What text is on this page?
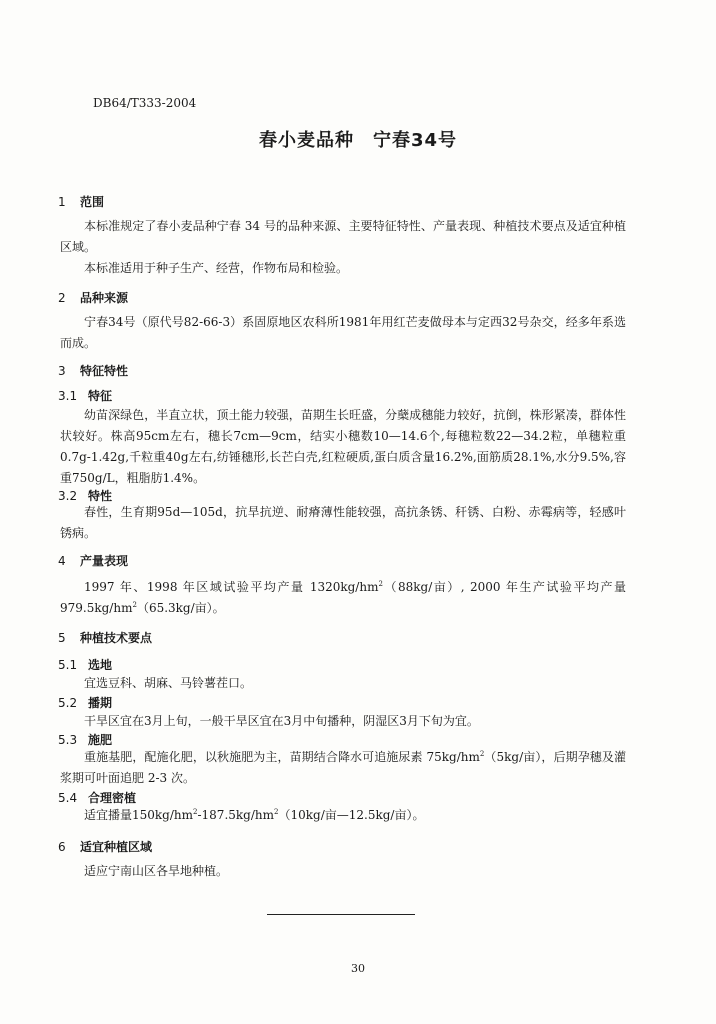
DB64/T333-2004
春小麦品种　宁春34号
1 范围

本标准规定了春小麦品种宁春 34 号的品种来源、主要特征特性、产量表现、种植技术要点及适宜种植区域。

本标准适用于种子生产、经营，作物布局和检验。

2 品种来源

宁春34号（原代号82-66-3）系固原地区农科所1981年用红芒麦做母本与定西32号杂交，经多年系选而成。

3 特征特性
3.1 特征

幼苗深绿色，半直立状，顶土能力较强，苗期生长旺盛，分蘖成穗能力较好，抗倒，株形紧凑，群体性状较好。株高95cm左右，穗长7cm—9cm，结实小穗数10—14.6个,每穗粒数22—34.2粒，单穗粒重0.7g-1.42g,千粒重40g左右,纺锤穗形,长芒白壳,红粒硬质,蛋白质含量16.2%,面筋质28.1%,水分9.5%,容重750g/L，粗脂肪1.4%。

3.2 特性

春性，生育期95d—105d，抗旱抗逆、耐瘠薄性能较强，高抗条锈、秆锈、白粉、赤霉病等，轻感叶锈病。

4 产量表现

1997 年、1998 年区域试验平均产量 $1320kg/hm^2(88kg/$亩）, 2000 年生产试验平均产量 $979.5kg/hm^2(65.3kg/$亩）。

5 种植技术要点
5.1 选地

宜选豆科、胡麻、马铃薯茬口。

5.2 播期

干旱区宜在3月上旬，一般干旱区宜在3月中旬播种，阴湿区3月下旬为宜。

5.3 施肥

重施基肥，配施化肥，以秋施肥为主，苗期结合降水可追施尿素 $75kg/hm^2(5kg/$亩），后期孕穗及灌浆期可叶面追肥 2-3 次。

5.4 合理密植

适宜播量$150kg/hm^2-187.5kg/hm^2(10kg/$亩—12.5kg/亩）。

6 适宜种植区域

适应宁南山区各旱地种植。

30
